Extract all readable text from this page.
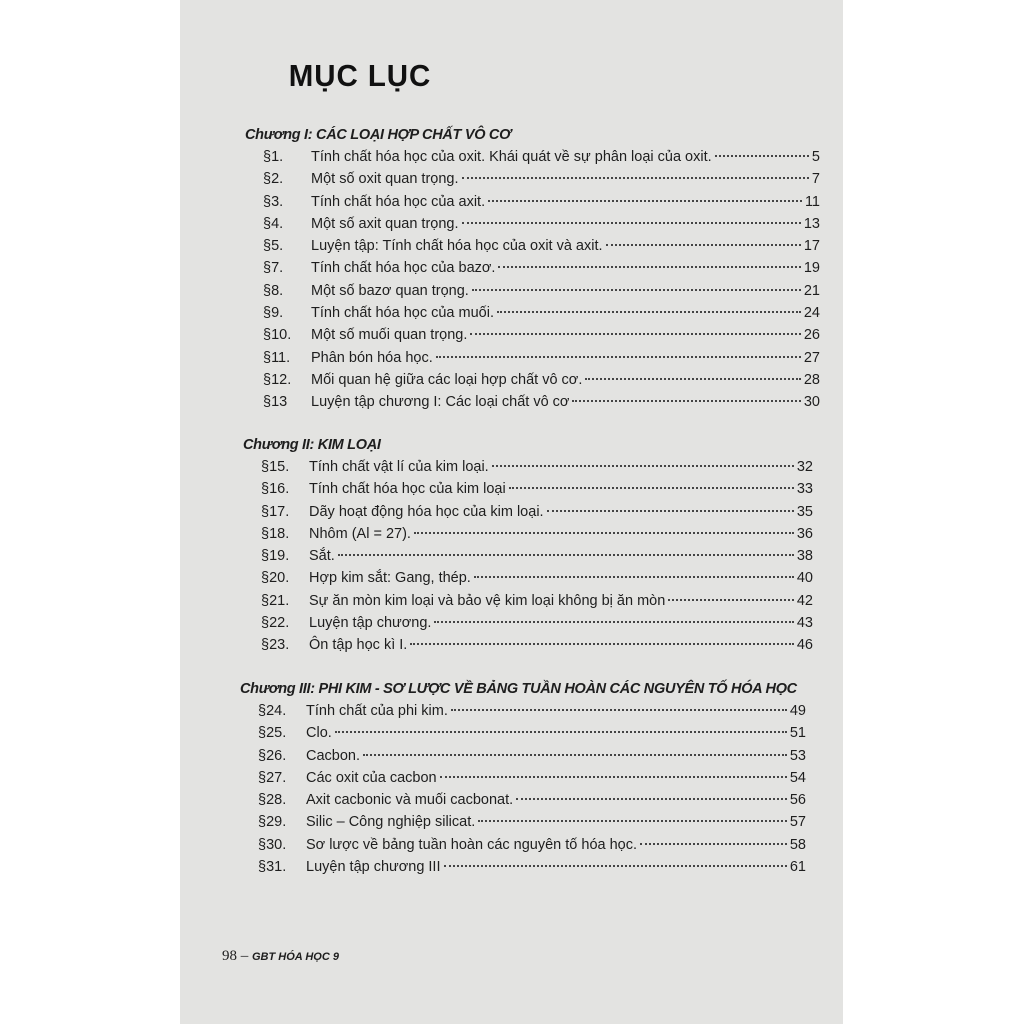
MỤC LỤC
Chương I: CÁC LOẠI HỢP CHẤT VÔ CƠ
§1.	Tính chất hóa học của oxit. Khái quát về sự phân loại của oxit.	5
§2.	Một số oxit quan trọng.	7
§3.	Tính chất hóa học của axit.	11
§4.	Một số axit quan trọng.	13
§5.	Luyện tập: Tính chất hóa học của oxit và axit.	17
§7.	Tính chất hóa học của bazơ.	19
§8.	Một số bazơ quan trọng.	21
§9.	Tính chất hóa học của muối.	24
§10.	Một số muối quan trọng.	26
§11.	Phân bón hóa học.	27
§12.	Mối quan hệ giữa các loại hợp chất vô cơ.	28
§13	Luyện tập chương I: Các loại chất vô cơ	30
Chương II: KIM LOẠI
§15.	Tính chất vật lí của kim loại.	32
§16.	Tính chất hóa học của kim loại	33
§17.	Dãy hoạt động hóa học của kim loại.	35
§18.	Nhôm (Al = 27).	36
§19.	Sắt.	38
§20.	Hợp kim sắt: Gang, thép.	40
§21.	Sự ăn mòn kim loại và bảo vệ kim loại không bị ăn mòn	42
§22.	Luyện tập chương.	43
§23.	Ôn tập học kì I.	46
Chương III: PHI KIM - SƠ LƯỢC VỀ BẢNG TUẦN HOÀN CÁC NGUYÊN TỐ HÓA HỌC
§24.	Tính chất của phi kim.	49
§25.	Clo.	51
§26.	Cacbon.	53
§27.	Các oxit của cacbon	54
§28.	Axit cacbonic và muối cacbonat.	56
§29.	Silic – Công nghiệp silicat.	57
§30.	Sơ lược về bảng tuần hoàn các nguyên tố hóa học.	58
§31.	Luyện tập chương III	61
98 – GBT HÓA HỌC 9
